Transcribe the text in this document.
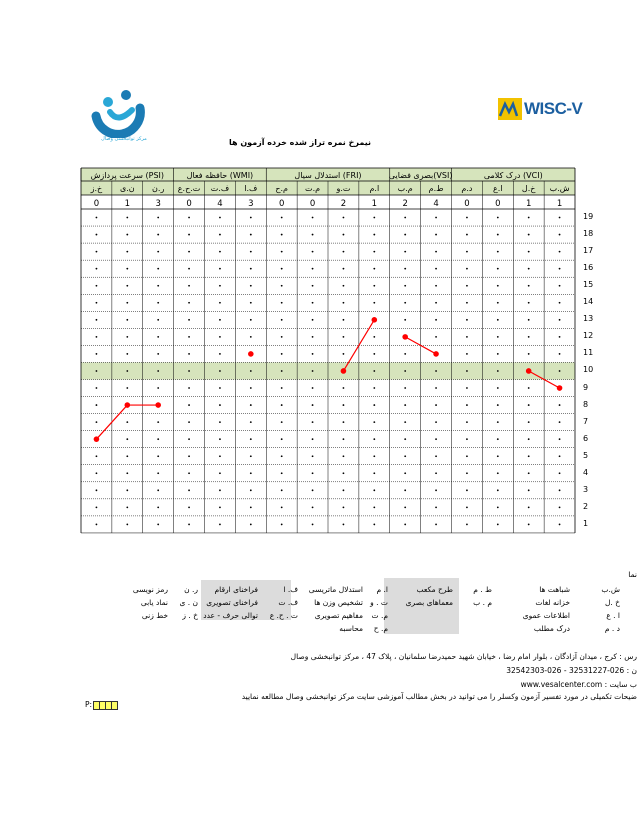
مرکز توانبخشی وصال
WISC-V
نیمرخ نمره تراز شده خرده آزمون ها
درک کلامی (VCI)
بصری فضایی(VSI)
استدلال سیال (FRI)
حافظه فعال (WMI)
سرعت پردازش (PSI)
خ.ز
0
ن.ی
1
ر.ن
3
ت.ح.ع
0
ف.ت
4
ف.ا
3
م.ح
0
م.ت
0
ت.و
2
ا.م
1
م.ب
2
ط.م
4
د.م
0
ا.ع
0
خ.ل
1
ش.ب
1
19
18
17
16
15
14
13
12
11
10
9
8
7
6
5
4
3
2
1
نما
ش.ب
شباهت ها
خ .ل
خزانه لغات
ا . ع
اطلاعات عموی
د . م
درک مطلب
ط . م
طرح مکعب
م . ب
معماهای بصری
ا. م
استدلال ماتریسی
ت . و
تشخیص وزن ها
م. ت
مفاهیم تصویری
م. ح
محاسبه
ف. ا
فراخنای ارقام
ف. ت
فراخنای تصویری
ت . ح. ع
توالی حرف - عدد
ر. ن
رمز نویسی
ن . ی
نماد یابی
خ . ز
خط زنی
رس : کرج ، میدان آزادگان ، بلوار امام رضا ، خیابان شهید حمیدرضا سلمانیان ، پلاک 47 ، مرکز توانبخشی وصال
ن : 026-32531227 - 026-32542303
ب سایت : www.vesalcenter.com
ضیحات تکمیلی در مورد تفسیر آزمون وکسلر را می توانید در بخش مطالب آموزشی سایت مرکز توانبخشی وصال مطالعه نمایید
P:
